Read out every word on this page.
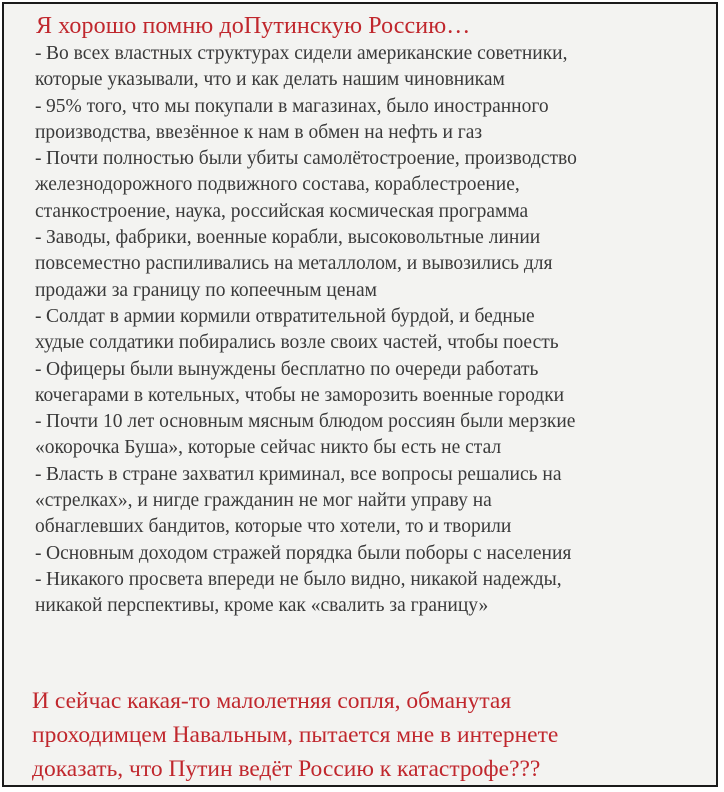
Я хорошо помню доПутинскую Россию…
- Во всех властных структурах сидели американские советники,
которые указывали, что и как делать нашим чиновникам
- 95% того, что мы покупали в магазинах, было иностранного
производства, ввезённое к нам в обмен на нефть и газ
- Почти полностью были убиты самолётостроение, производство
железнодорожного подвижного состава, кораблестроение,
станкостроение, наука, российская космическая программа
- Заводы, фабрики, военные корабли, высоковольтные линии
повсеместно распиливались на металлолом, и вывозились для
продажи за границу по копеечным ценам
- Солдат в армии кормили отвратительной бурдой, и бедные
худые солдатики побирались возле своих частей, чтобы поесть
- Офицеры были вынуждены бесплатно по очереди работать
кочегарами в котельных, чтобы не заморозить военные городки
- Почти 10 лет основным мясным блюдом россиян были мерзкие
«окорочка Буша», которые сейчас никто бы есть не стал
- Власть в стране захватил криминал, все вопросы решались на
«стрелках», и нигде гражданин не мог найти управу на
обнаглевших бандитов, которые что хотели, то и творили
- Основным доходом стражей порядка были поборы с населения
- Никакого просвета впереди не было видно, никакой надежды,
никакой перспективы, кроме как «свалить за границу»
И сейчас какая-то малолетняя сопля, обманутая
проходимцем Навальным, пытается мне в интернете
доказать, что Путин ведёт Россию к катастрофе???
